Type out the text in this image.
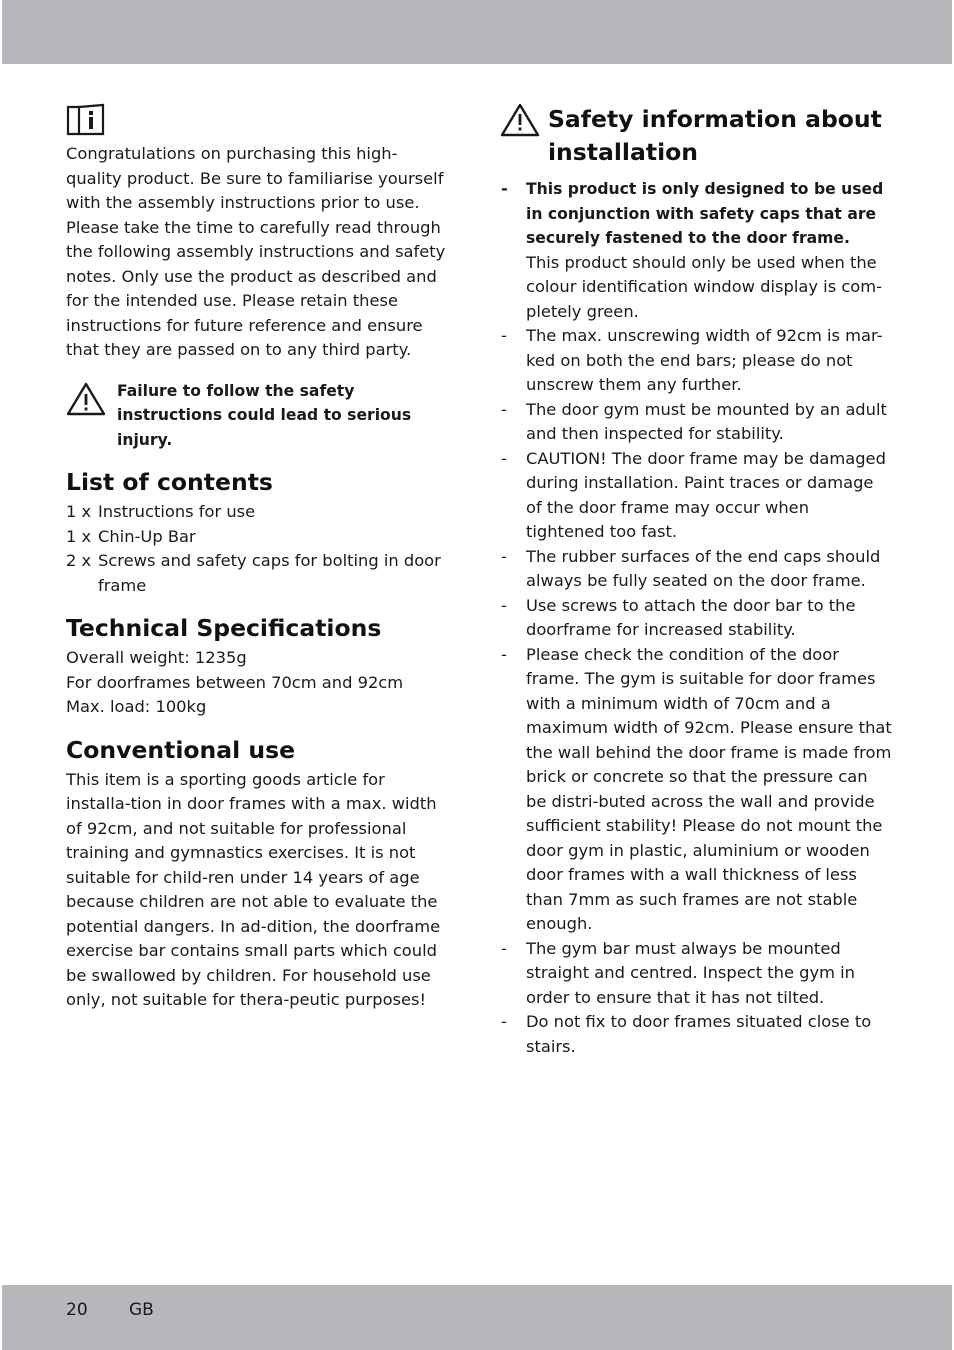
Congratulations on purchasing this high-quality product. Be sure to familiarise yourself with the assembly instructions prior to use. Please take the time to carefully read through the following assembly instructions and safety notes. Only use the product as described and for the intended use. Please retain these instructions for future reference and ensure that they are passed on to any third party.

Failure to follow the safety instructions could lead to serious injury.

List of contents
1 x Instructions for use
1 x Chin-Up Bar
2 x Screws and safety caps for bolting in door frame
Technical Specifications
Overall weight: 1235g
For doorframes between 70cm and 92cm
Max. load: 100kg
Conventional use

This item is a sporting goods article for installa-tion in door frames with a max. width of 92cm, and not suitable for professional training and gymnastics exercises. It is not suitable for child-ren under 14 years of age because children are not able to evaluate the potential dangers. In ad-dition, the doorframe exercise bar contains small parts which could be swallowed by children. For household use only, not suitable for thera-peutic purposes!

Safety information about installation
-	This product is only designed to be used in conjunction with safety caps that are securely fastened to the door frame.
This product should only be used when the colour identification window display is com-pletely green.
-	The max. unscrewing width of 92cm is mar-ked on both the end bars; please do not unscrew them any further.
-	The door gym must be mounted by an adult and then inspected for stability.
-	CAUTION! The door frame may be damaged during installation. Paint traces or damage of the door frame may occur when tightened too fast.
-	The rubber surfaces of the end caps should always be fully seated on the door frame.
-	Use screws to attach the door bar to the doorframe for increased stability.
-	Please check the condition of the door frame. The gym is suitable for door frames with a minimum width of 70cm and a maximum width of 92cm. Please ensure that the wall behind the door frame is made from brick or concrete so that the pressure can be distri-buted across the wall and provide sufficient stability! Please do not mount the door gym in plastic, aluminium or wooden door frames with a wall thickness of less than 7mm as such frames are not stable enough.
-	The gym bar must always be mounted straight and centred. Inspect the gym in order to ensure that it has not tilted.
-	Do not fix to door frames situated close to stairs.
20 GB
